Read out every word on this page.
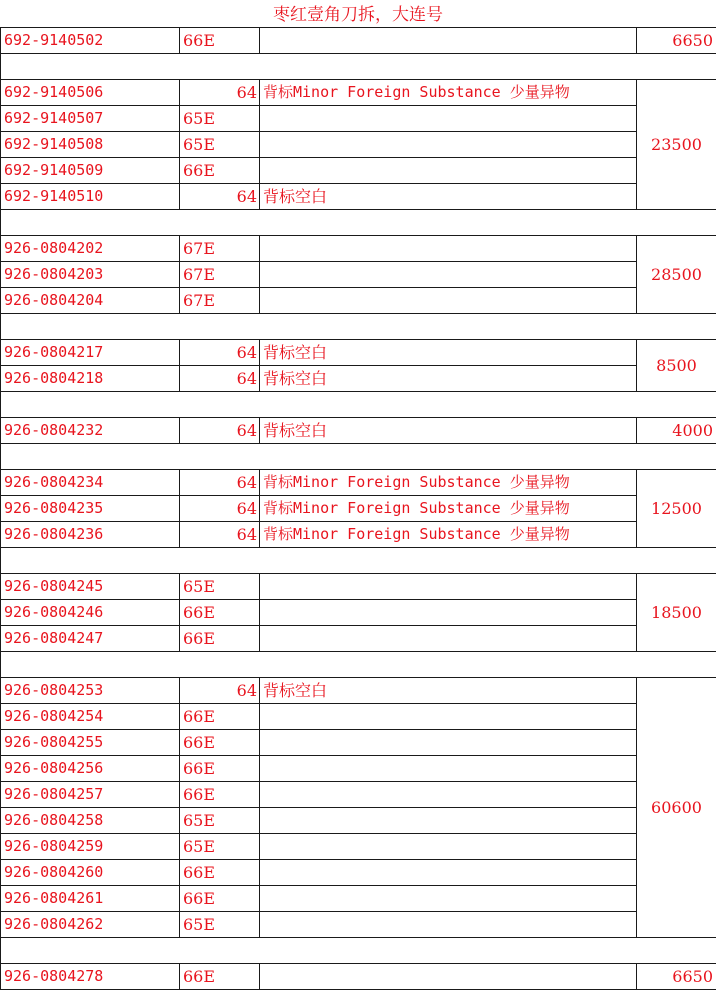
枣红壹角刀拆，大连号
692-9140502	66E		6650

692-9140506	64	背标Minor Foreign Substance 少量异物	23500
692-9140507	65E		
692-9140508	65E		
692-9140509	66E		
692-9140510	64	背标空白	

926-0804202	67E		28500
926-0804203	67E		
926-0804204	67E		

926-0804217	64	背标空白	8500
926-0804218	64	背标空白	

926-0804232	64	背标空白	4000

926-0804234	64	背标Minor Foreign Substance 少量异物	12500
926-0804235	64	背标Minor Foreign Substance 少量异物	
926-0804236	64	背标Minor Foreign Substance 少量异物	

926-0804245	65E		18500
926-0804246	66E		
926-0804247	66E		

926-0804253	64	背标空白	60600
926-0804254	66E		
926-0804255	66E		
926-0804256	66E		
926-0804257	66E		
926-0804258	65E		
926-0804259	65E		
926-0804260	66E		
926-0804261	66E		
926-0804262	65E		

926-0804278	66E		6650
